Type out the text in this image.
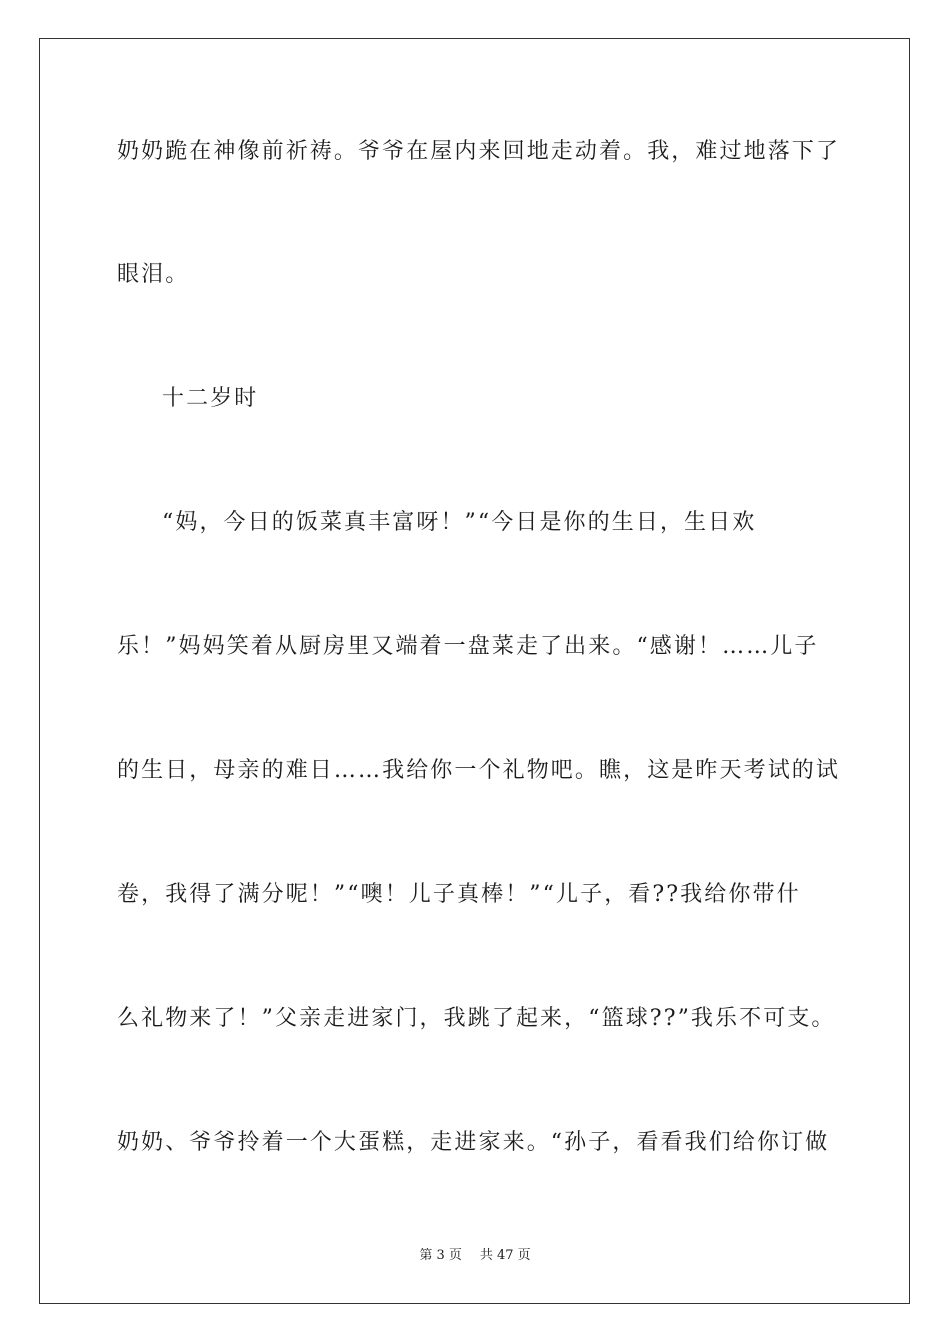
奶奶跪在神像前祈祷。爷爷在屋内来回地走动着。我，难过地落下了
眼泪。
十二岁时
“妈，今日的饭菜真丰富呀！”“今日是你的生日，生日欢
乐！”妈妈笑着从厨房里又端着一盘菜走了出来。“感谢！……儿子
的生日，母亲的难日……我给你一个礼物吧。瞧，这是昨天考试的试
卷，我得了满分呢！”“噢！儿子真棒！”“儿子，看??我给你带什
么礼物来了！”父亲走进家门，我跳了起来，“篮球??”我乐不可支。
奶奶、爷爷拎着一个大蛋糕，走进家来。“孙子，看看我们给你订做
第 3 页 共 47 页
